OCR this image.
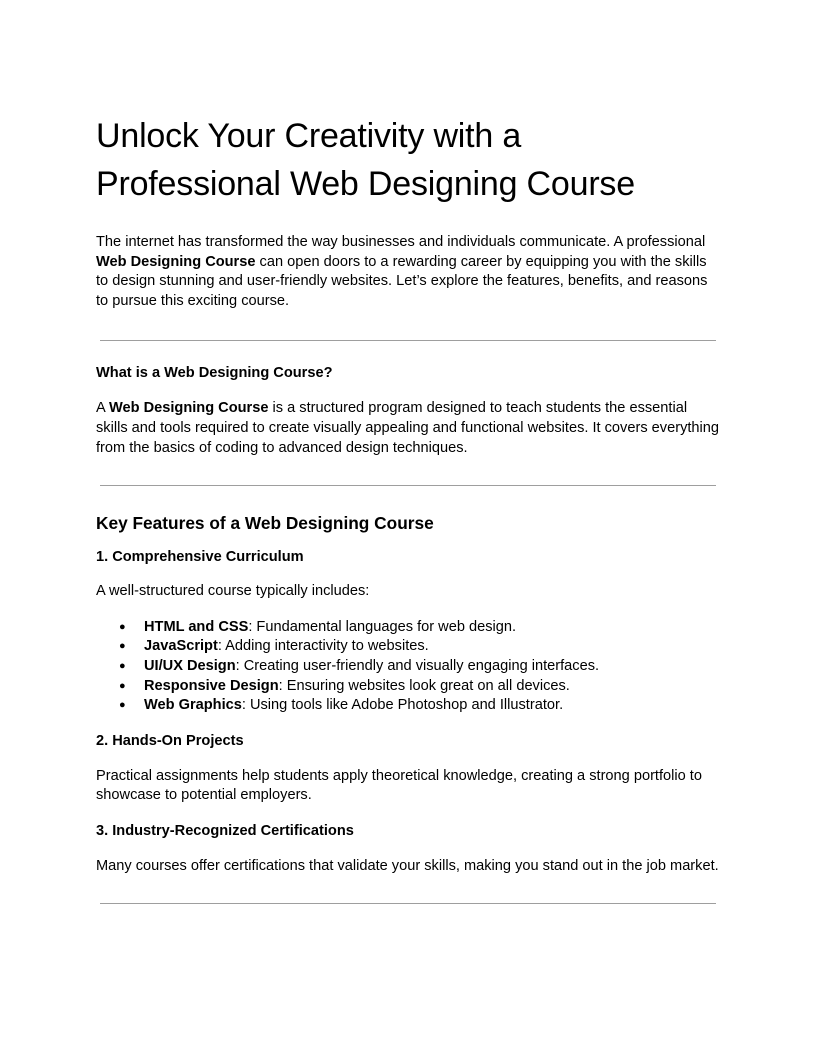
Unlock Your Creativity with a
Professional Web Designing Course

The internet has transformed the way businesses and individuals communicate. A professional Web Designing Course can open doors to a rewarding career by equipping you with the skills to design stunning and user-friendly websites. Let’s explore the features, benefits, and reasons to pursue this exciting course.

What is a Web Designing Course?

A Web Designing Course is a structured program designed to teach students the essential skills and tools required to create visually appealing and functional websites. It covers everything from the basics of coding to advanced design techniques.

Key Features of a Web Designing Course
1. Comprehensive Curriculum

A well-structured course typically includes:

● HTML and CSS: Fundamental languages for web design.
● JavaScript: Adding interactivity to websites.
● UI/UX Design: Creating user-friendly and visually engaging interfaces.
● Responsive Design: Ensuring websites look great on all devices.
● Web Graphics: Using tools like Adobe Photoshop and Illustrator.
2. Hands-On Projects

Practical assignments help students apply theoretical knowledge, creating a strong portfolio to showcase to potential employers.

3. Industry-Recognized Certifications

Many courses offer certifications that validate your skills, making you stand out in the job market.
